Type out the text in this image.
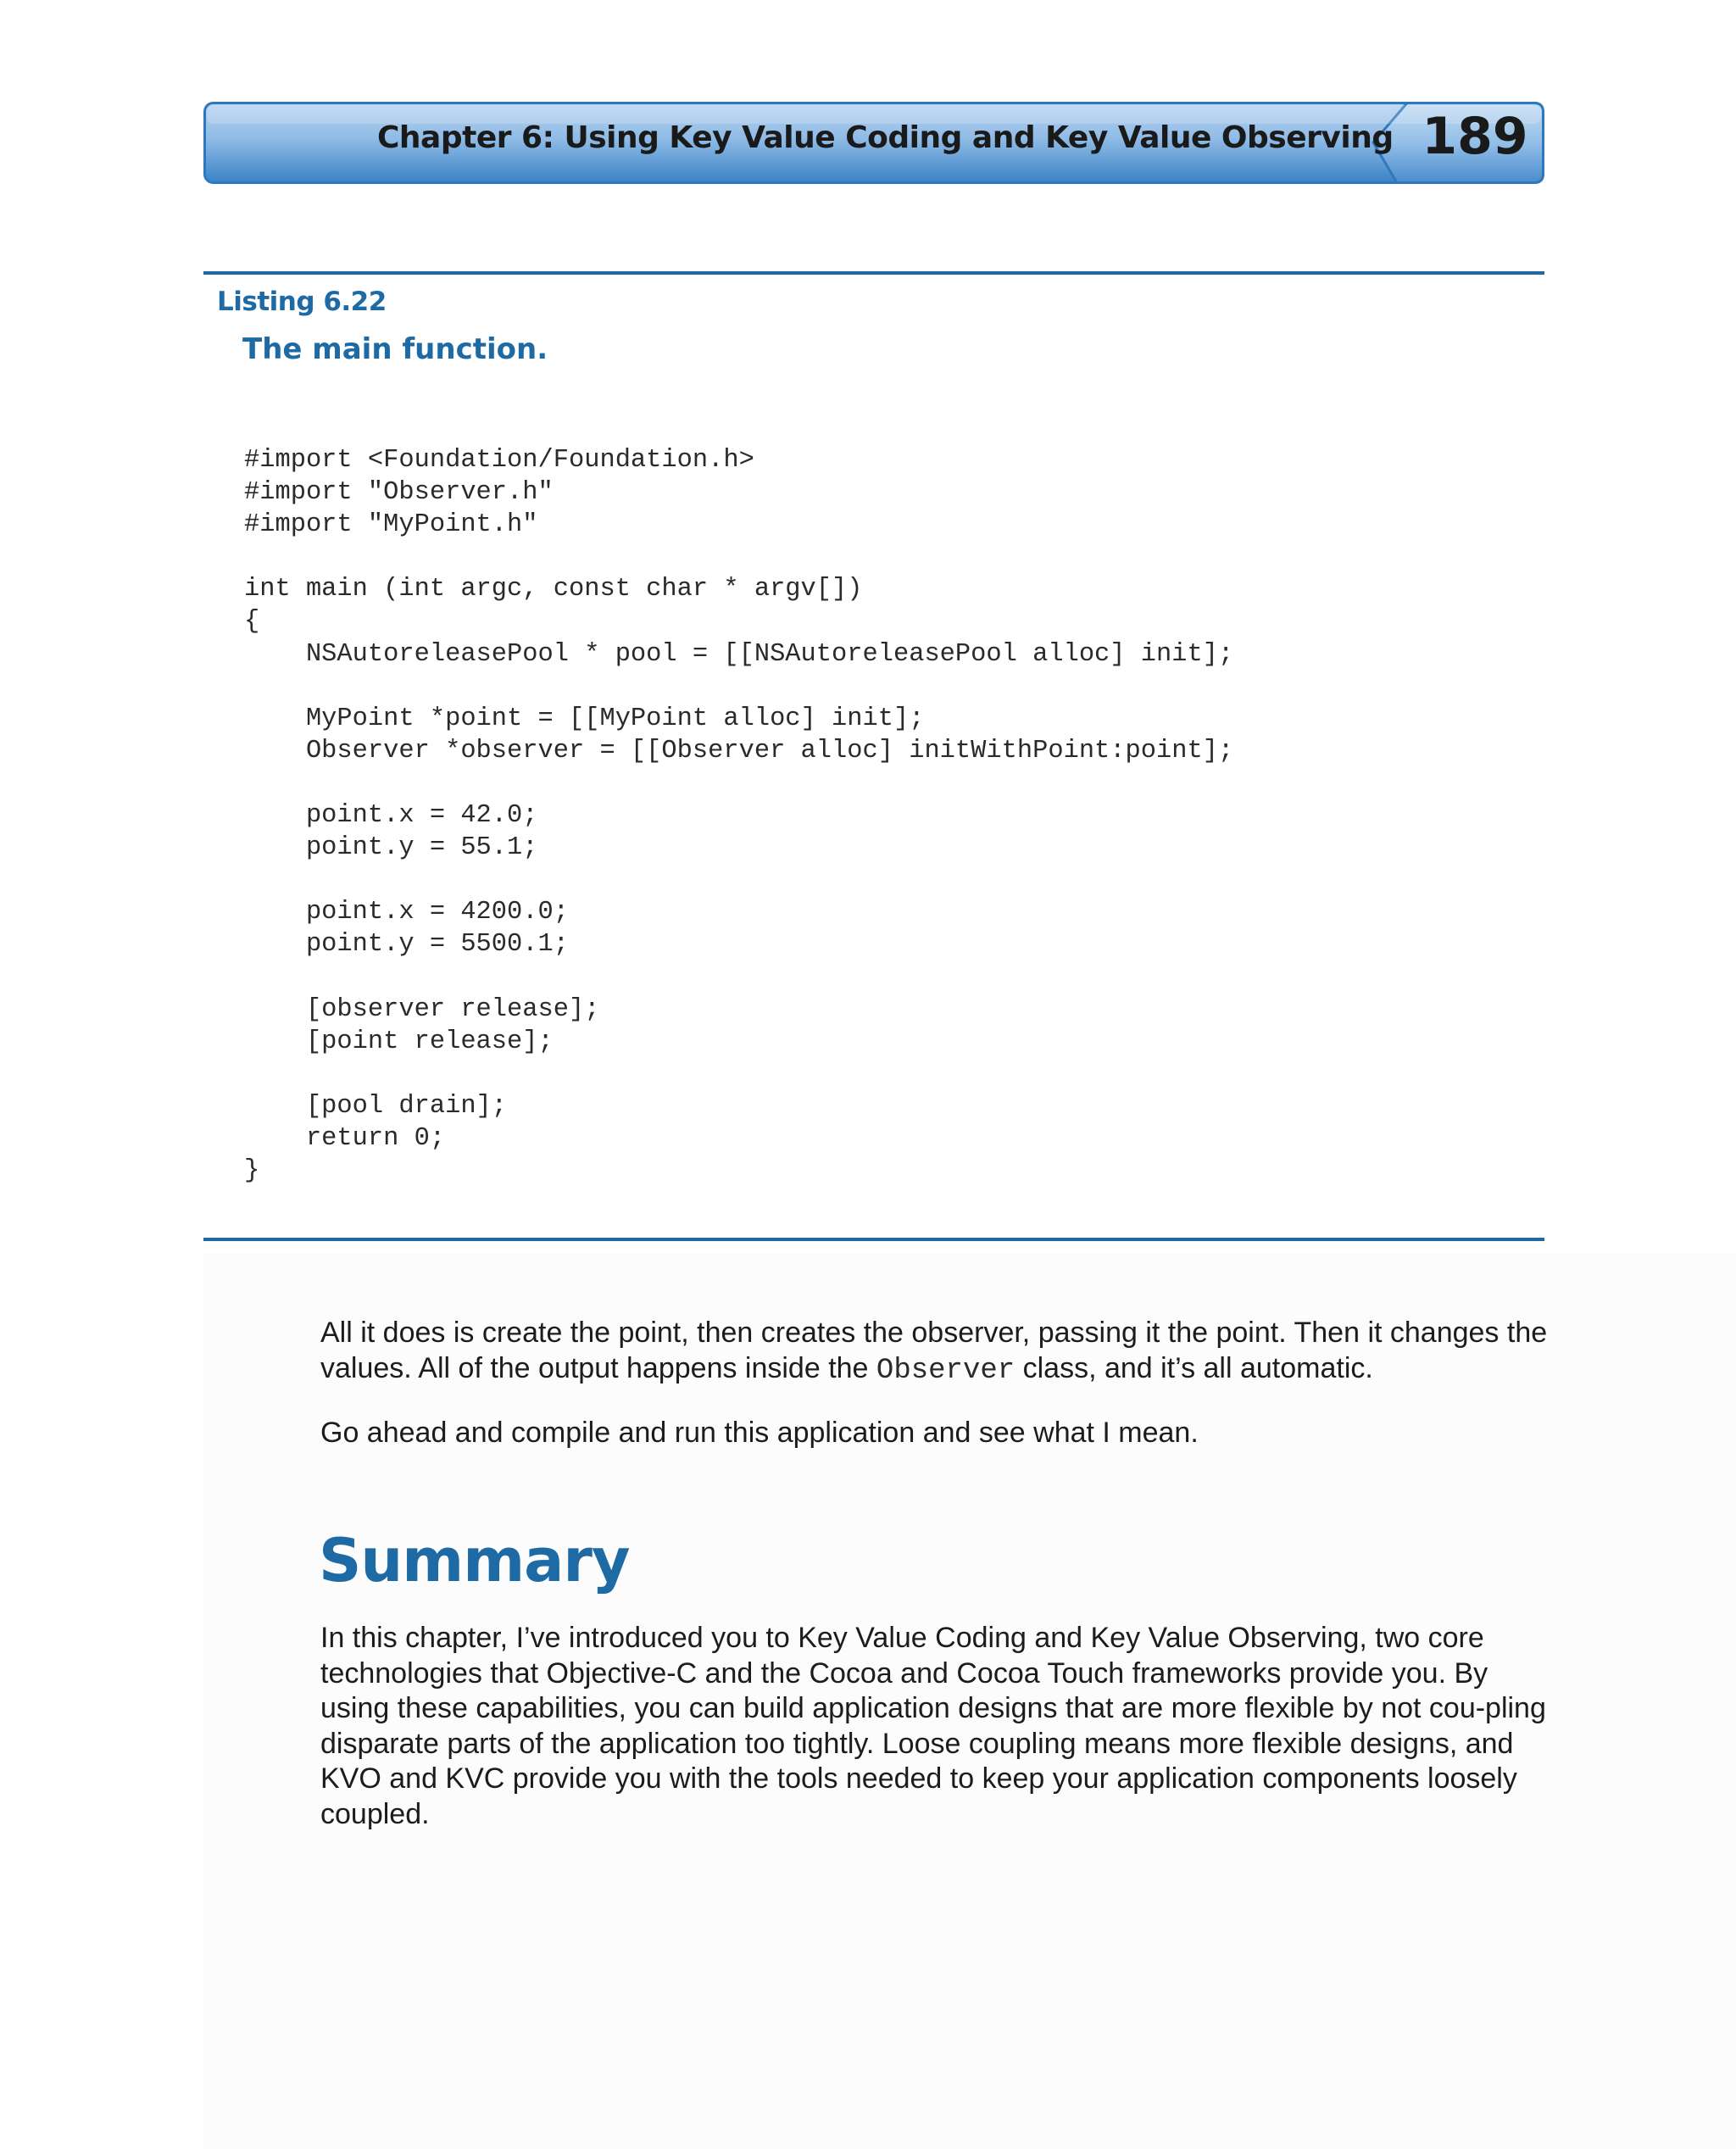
Chapter 6: Using Key Value Coding and Key Value Observing 189
Listing 6.22
The main function.
#import <Foundation/Foundation.h>
#import "Observer.h"
#import "MyPoint.h"

int main (int argc, const char * argv[])
{
NSAutoreleasePool * pool = [[NSAutoreleasePool alloc] init];

MyPoint *point = [[MyPoint alloc] init];
Observer *observer = [[Observer alloc] initWithPoint:point];

point.x = 42.0;
point.y = 55.1;

point.x = 4200.0;
point.y = 5500.1;

[observer release];
[point release];

[pool drain];
return 0;
}

All it does is create the point, then creates the observer, passing it the point. Then it changes the values. All of the output happens inside the Observer class, and it’s all automatic.

Go ahead and compile and run this application and see what I mean.

Summary

In this chapter, I’ve introduced you to Key Value Coding and Key Value Observing, two core technologies that Objective-C and the Cocoa and Cocoa Touch frameworks provide you. By using these capabilities, you can build application designs that are more flexible by not cou-pling disparate parts of the application too tightly. Loose coupling means more flexible designs, and KVO and KVC provide you with the tools needed to keep your application components loosely coupled.
